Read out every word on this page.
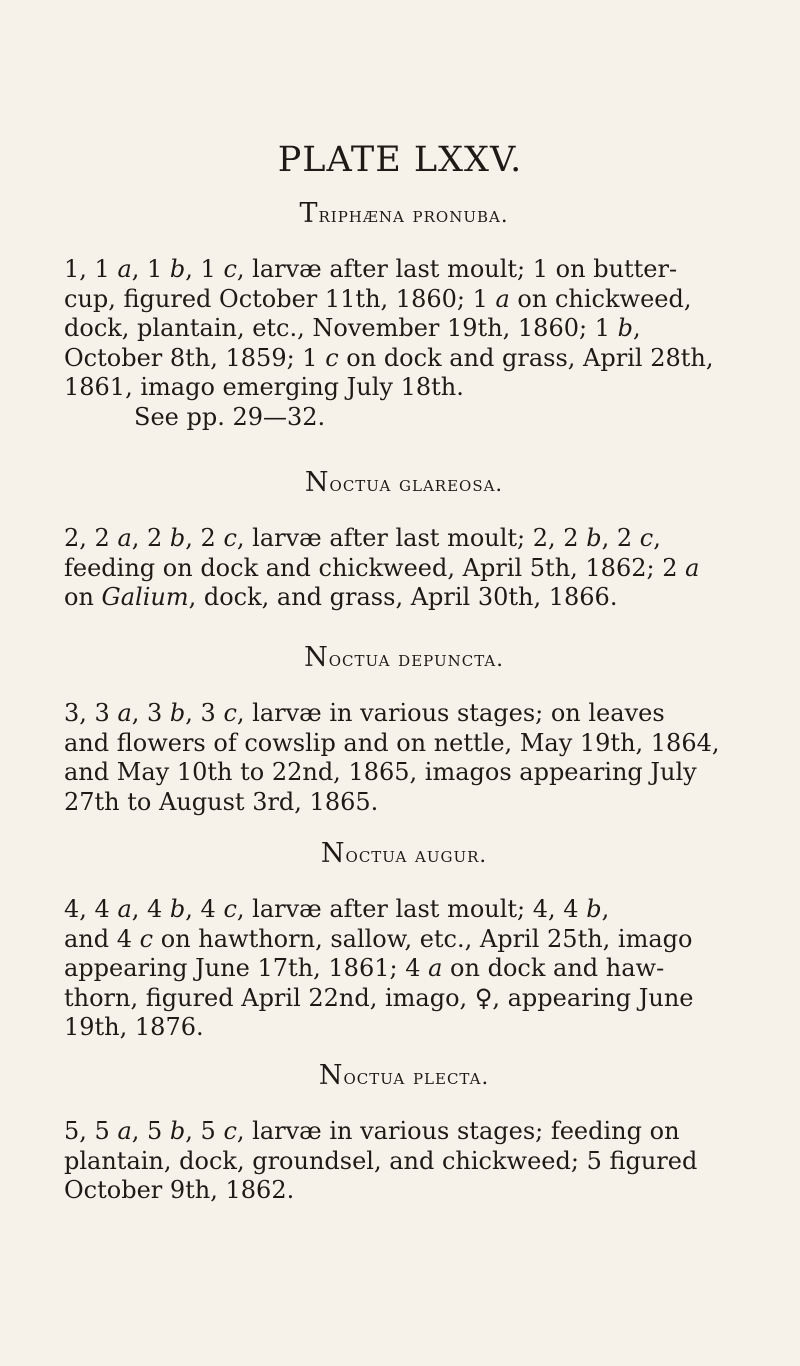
PLATE LXXV.
Triphæna pronuba.
1, 1 a, 1 b, 1 c, larvæ after last moult; 1 on butter-
cup, figured October 11th, 1860; 1 a on chickweed,
dock, plantain, etc., November 19th, 1860; 1 b,
October 8th, 1859; 1 c on dock and grass, April 28th,
1861, imago emerging July 18th.
See pp. 29—32.
Noctua glareosa.
2, 2 a, 2 b, 2 c, larvæ after last moult; 2, 2 b, 2 c,
feeding on dock and chickweed, April 5th, 1862; 2 a
on Galium, dock, and grass, April 30th, 1866.
Noctua depuncta.
3, 3 a, 3 b, 3 c, larvæ in various stages; on leaves
and flowers of cowslip and on nettle, May 19th, 1864,
and May 10th to 22nd, 1865, imagos appearing July
27th to August 3rd, 1865.
Noctua augur.
4, 4 a, 4 b, 4 c, larvæ after last moult; 4, 4 b,
and 4 c on hawthorn, sallow, etc., April 25th, imago
appearing June 17th, 1861; 4 a on dock and haw-
thorn, figured April 22nd, imago, ♀, appearing June
19th, 1876.
Noctua plecta.
5, 5 a, 5 b, 5 c, larvæ in various stages; feeding on
plantain, dock, groundsel, and chickweed; 5 figured
October 9th, 1862.
